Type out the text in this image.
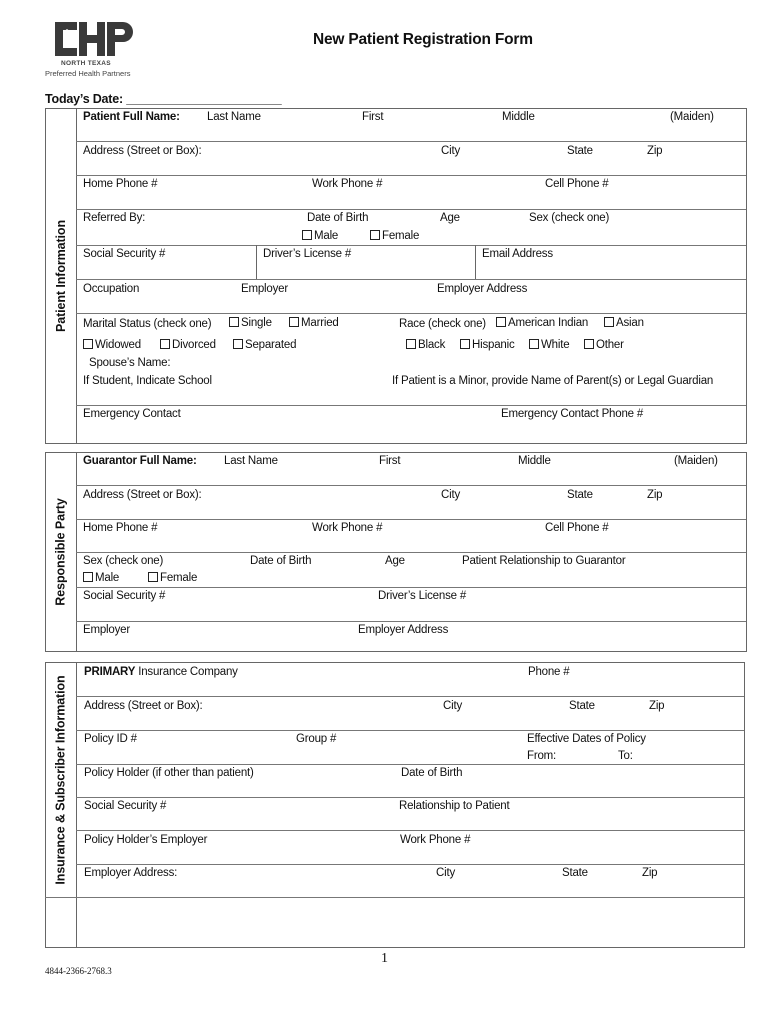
NORTH TEXAS
Preferred Health Partners
New Patient Registration Form
Today’s Date: _______________________
Patient Information
Patient Full Name: Last Name	First	Middle	(Maiden)
Address (Street or Box):	City	State	Zip
Home Phone #	Work Phone #	Cell Phone #
Referred By:	Date of Birth	Age	Sex (check one)
Male	Female
Social Security #	Driver’s License #	Email Address
Occupation	Employer	Employer Address
Marital Status (check one)	Single	Married
Widowed	Divorced	Separated
Spouse’s Name:
Race (check one)	American Indian	Asian
Black	Hispanic	White	Other
If Student, Indicate School	If Patient is a Minor, provide Name of Parent(s) or Legal Guardian
Emergency Contact	Emergency Contact Phone #
Responsible Party
Guarantor Full Name: Last Name	First	Middle	(Maiden)
Address (Street or Box):	City	State	Zip
Home Phone #	Work Phone #	Cell Phone #
Sex (check one)
Male	Female
Date of Birth	Age	Patient Relationship to Guarantor
Social Security #	Driver’s License #
Employer	Employer Address
Insurance & Subscriber Information
PRIMARY Insurance Company	Phone #
Address (Street or Box):	City	State	Zip
Policy ID #	Group #	Effective Dates of Policy
From:	To:
Policy Holder (if other than patient)	Date of Birth
Social Security #	Relationship to Patient
Policy Holder’s Employer	Work Phone #
Employer Address:	City	State	Zip
1
4844-2366-2768.3
